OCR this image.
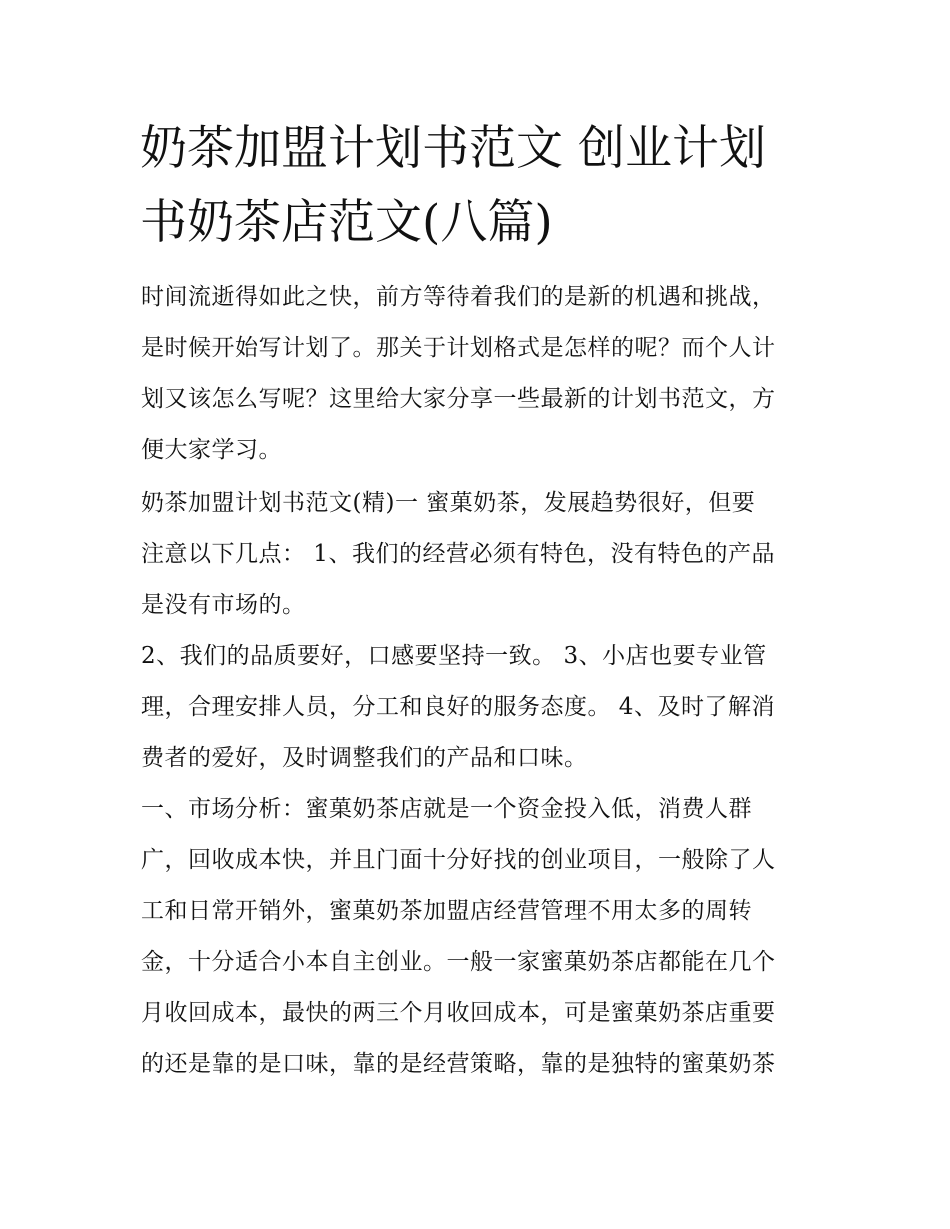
奶茶加盟计划书范文 创业计划
书奶茶店范文(八篇)
时间流逝得如此之快，前方等待着我们的是新的机遇和挑战，
是时候开始写计划了。那关于计划格式是怎样的呢？而个人计
划又该怎么写呢？这里给大家分享一些最新的计划书范文，方
便大家学习。
奶茶加盟计划书范文(精)一 蜜菓奶茶，发展趋势很好，但要
注意以下几点： 1、我们的经营必须有特色，没有特色的产品
是没有市场的。
2、我们的品质要好，口感要坚持一致。 3、小店也要专业管
理，合理安排人员，分工和良好的服务态度。 4、及时了解消
费者的爱好，及时调整我们的产品和口味。
一、市场分析：蜜菓奶茶店就是一个资金投入低，消费人群
广，回收成本快，并且门面十分好找的创业项目，一般除了人
工和日常开销外，蜜菓奶茶加盟店经营管理不用太多的周转
金，十分适合小本自主创业。一般一家蜜菓奶茶店都能在几个
月收回成本，最快的两三个月收回成本，可是蜜菓奶茶店重要
的还是靠的是口味，靠的是经营策略，靠的是独特的蜜菓奶茶
